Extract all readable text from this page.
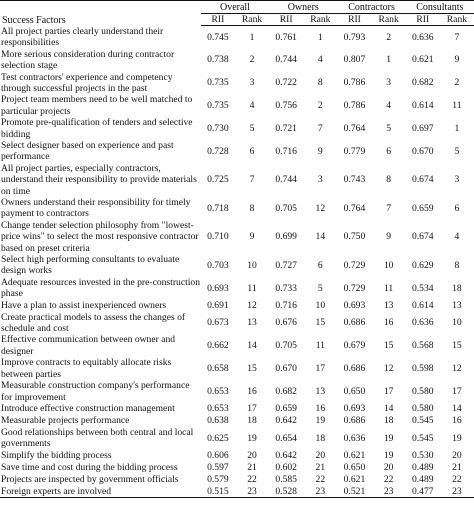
Success Factors	Overall		Owners		Contractors		Consultants	
	RII	Rank	RII	Rank	RII	Rank	RII	Rank
All project parties clearly understand their responsibilities	0.745	1	0.761	1	0.793	2	0.636	7
More serious consideration during contractor selection stage	0.738	2	0.744	4	0.807	1	0.621	9
Test contractors' experience and competency through successful projects in the past	0.735	3	0.722	8	0.786	3	0.682	2
Project team members need to be well matched to particular projects	0.735	4	0.756	2	0.786	4	0.614	11
Promote pre-qualification of tenders and selective bidding	0.730	5	0.721	7	0.764	5	0.697	1
Select designer based on experience and past performance	0.728	6	0.716	9	0.779	6	0.670	5
All project parties, especially contractors, understand their responsibility to provide materials on time	0.725	7	0.744	3	0.743	8	0.674	3
Owners understand their responsibility for timely payment to contractors	0.718	8	0.705	12	0.764	7	0.659	6
Change tender selection philosophy from "lowest-price wins" to select the most responsive contractor based on preset criteria	0.710	9	0.699	14	0.750	9	0.674	4
Select high performing consultants to evaluate design works	0.703	10	0.727	6	0.729	10	0.629	8
Adequate resources invested in the pre-construction phase	0.693	11	0.733	5	0.729	11	0.534	18
Have a plan to assist inexperienced owners	0.691	12	0.716	10	0.693	13	0.614	13
Create practical models to assess the changes of schedule and cost	0.673	13	0.676	15	0.686	16	0.636	10
Effective communication between owner and designer	0.662	14	0.705	11	0.679	15	0.568	15
Improve contracts to equitably allocate risks between parties	0.658	15	0.670	17	0.686	12	0.598	12
Measurable construction company's performance for improvement	0.653	16	0.682	13	0.650	17	0.580	17
Introduce effective construction management	0.653	17	0.659	16	0.693	14	0.580	14
Measurable projects performance	0.638	18	0.642	19	0.686	18	0.545	16
Good relationships between both central and local governments	0.625	19	0.654	18	0.636	19	0.545	19
Simplify the bidding process	0.606	20	0.642	20	0.621	19	0.530	20
Save time and cost during the bidding process	0.597	21	0.602	21	0.650	20	0.489	21
Projects are inspected by government officials	0.579	22	0.585	22	0.621	22	0.489	22
Foreign experts are involved	0.515	23	0.528	23	0.521	23	0.477	23
